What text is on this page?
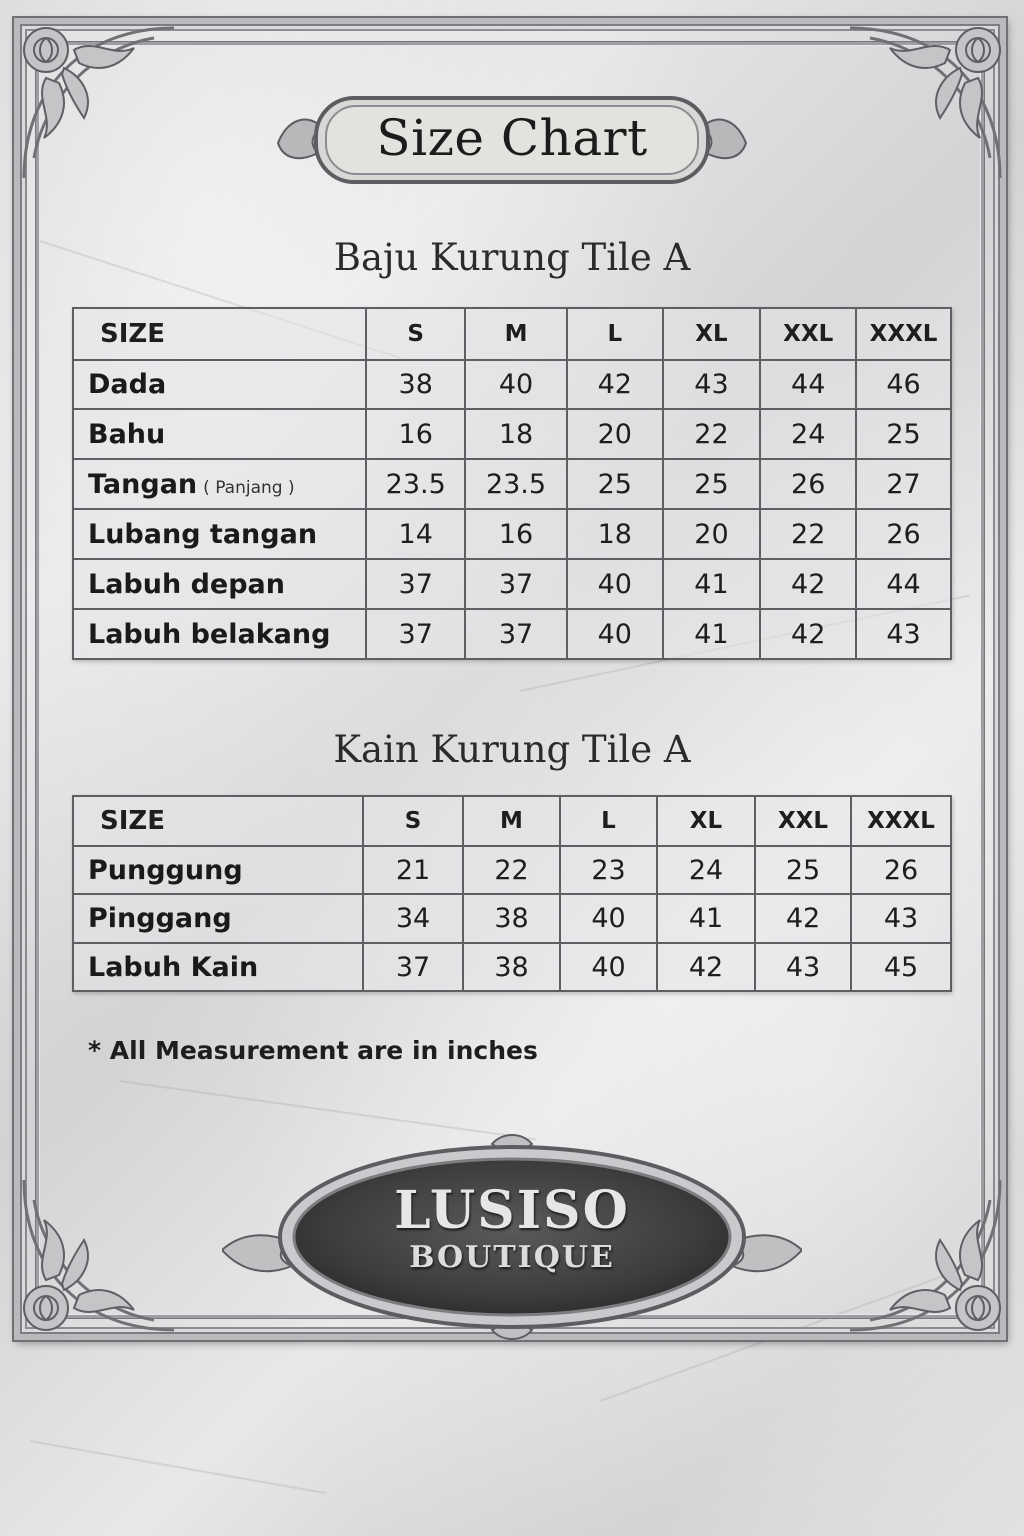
Size Chart
Baju Kurung Tile A
SIZE	S	M	L	XL	XXL	XXXL
Dada	38	40	42	43	44	46
Bahu	16	18	20	22	24	25
Tangan ( Panjang )	23.5	23.5	25	25	26	27
Lubang tangan	14	16	18	20	22	26
Labuh depan	37	37	40	41	42	44
Labuh belakang	37	37	40	41	42	43
Kain Kurung Tile A
SIZE	S	M	L	XL	XXL	XXXL
Punggung	21	22	23	24	25	26
Pinggang	34	38	40	41	42	43
Labuh Kain	37	38	40	42	43	45
* All Measurement are in inches
LUSISO
BOUTIQUE
